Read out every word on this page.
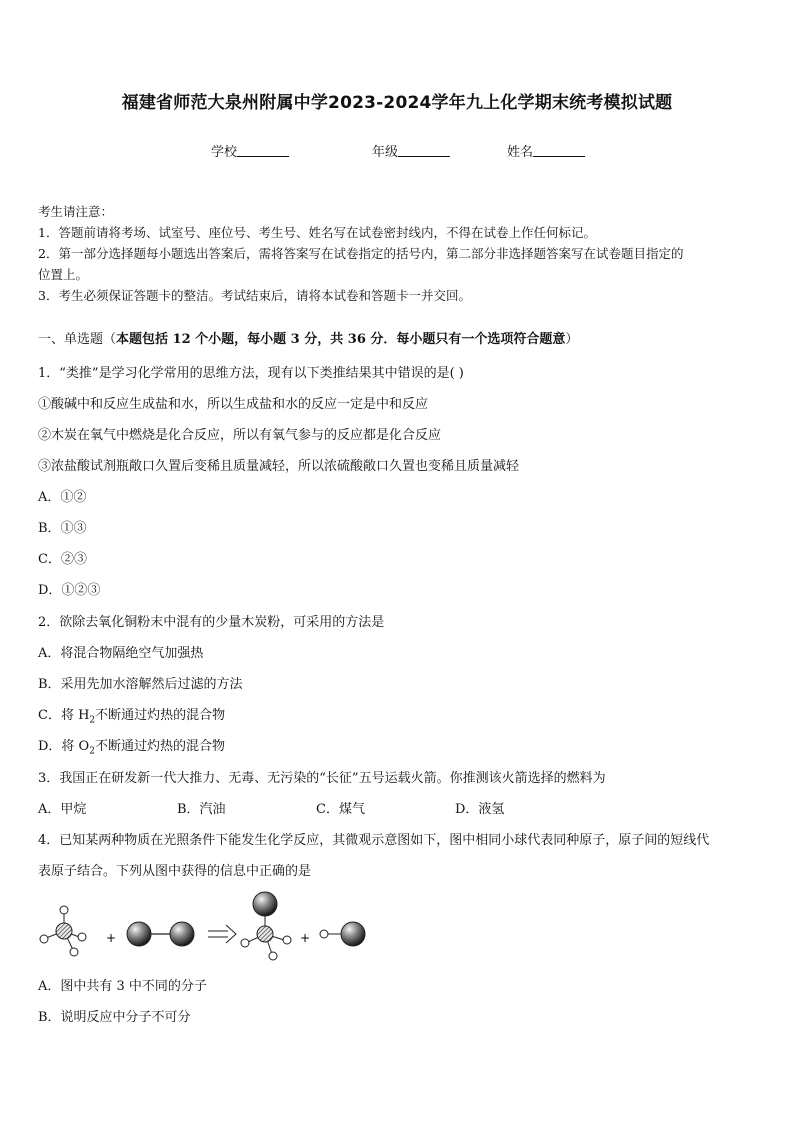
福建省师范大泉州附属中学2023-2024学年九上化学期末统考模拟试题
学校	年级	姓名
考生请注意：
1．答题前请将考场、试室号、座位号、考生号、姓名写在试卷密封线内，不得在试卷上作任何标记。
2．第一部分选择题每小题选出答案后，需将答案写在试卷指定的括号内，第二部分非选择题答案写在试卷题目指定的
位置上。
3．考生必须保证答题卡的整洁。考试结束后，请将本试卷和答题卡一并交回。
一、单选题（本题包括 12 个小题，每小题 3 分，共 36 分．每小题只有一个选项符合题意）
1．“类推”是学习化学常用的思维方法，现有以下类推结果其中错误的是( )
①酸碱中和反应生成盐和水，所以生成盐和水的反应一定是中和反应
②木炭在氧气中燃烧是化合反应，所以有氧气参与的反应都是化合反应
③浓盐酸试剂瓶敞口久置后变稀且质量减轻，所以浓硫酸敞口久置也变稀且质量减轻
A．①②
B．①③
C．②③
D．①②③
2．欲除去氧化铜粉末中混有的少量木炭粉，可采用的方法是
A．将混合物隔绝空气加强热
B．采用先加水溶解然后过滤的方法
C．将 $H_2$不断通过灼热的混合物
D．将 $O_2$不断通过灼热的混合物
3．我国正在研发新一代大推力、无毒、无污染的“长征”五号运载火箭。你推测该火箭选择的燃料为
A．甲烷	B．汽油	C．煤气	D．液氢
4．已知某两种物质在光照条件下能发生化学反应，其微观示意图如下，图中相同小球代表同种原子，原子间的短线代
表原子结合。下列从图中获得的信息中正确的是
+	+
A．图中共有 3 中不同的分子
B．说明反应中分子不可分
